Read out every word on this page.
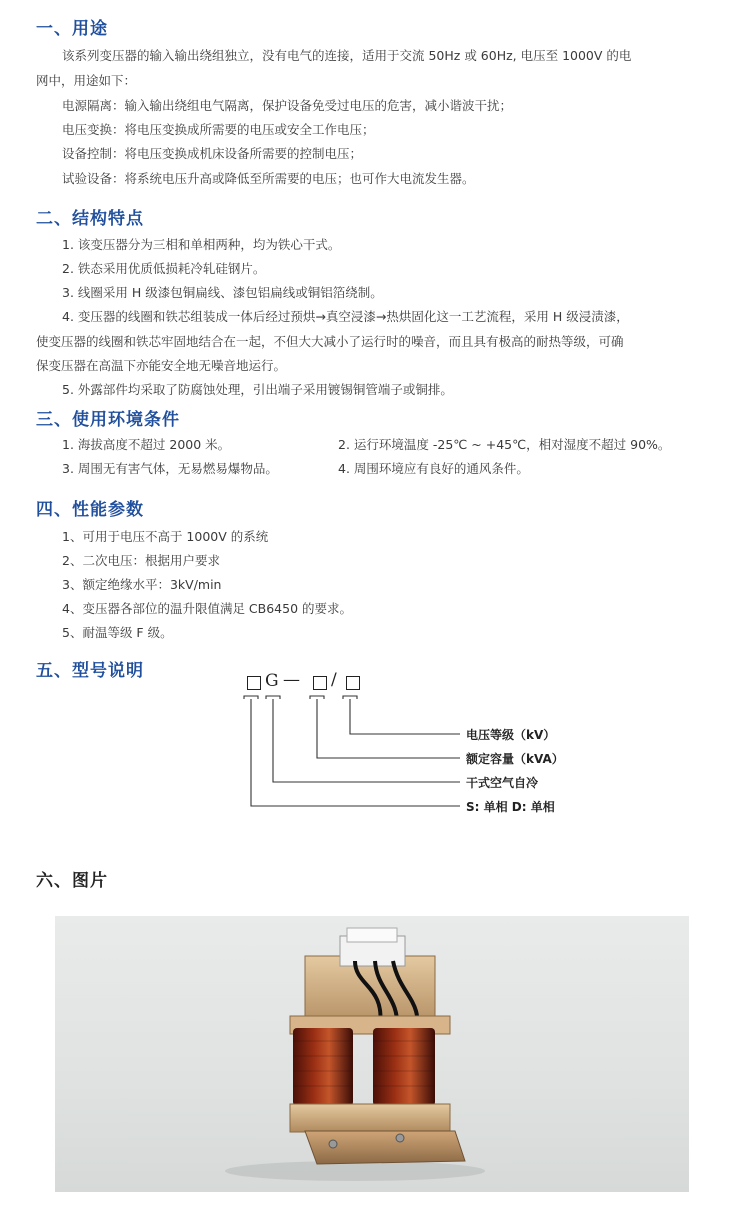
一、用途
该系列变压器的输入输出绕组独立，没有电气的连接，适用于交流 50Hz 或 60Hz, 电压至 1000V 的电
网中，用途如下：
电源隔离：输入输出绕组电气隔离，保护设备免受过电压的危害，减小谐波干扰；
电压变换：将电压变换成所需要的电压或安全工作电压；
设备控制：将电压变换成机床设备所需要的控制电压；
试验设备：将系统电压升高或降低至所需要的电压；也可作大电流发生器。
二、结构特点
1. 该变压器分为三相和单相两种，均为铁心干式。
2. 铁态采用优质低损耗冷轧硅钢片。
3. 线圈采用 H 级漆包铜扁线、漆包铝扁线或铜铝箔绕制。
4. 变压器的线圈和铁芯组装成一体后经过预烘→真空浸漆→热烘固化这一工艺流程，采用 H 级浸渍漆，
使变压器的线圈和铁芯牢固地结合在一起，不但大大减小了运行时的噪音，而且具有极高的耐热等级，可确
保变压器在高温下亦能安全地无噪音地运行。
5. 外露部件均采取了防腐蚀处理，引出端子采用镀锡铜管端子或铜排。
三、使用环境条件
1. 海拔高度不超过 2000 米。	2. 运行环境温度 -25℃ ~ +45℃，相对湿度不超过 90%。
3. 周围无有害气体，无易燃易爆物品。	4. 周围环境应有良好的通风条件。
四、性能参数
1、可用于电压不高于 1000V 的系统
2、二次电压：根据用户要求
3、额定绝缘水平：3kV/min
4、变压器各部位的温升限值满足 CB6450 的要求。
5、耐温等级 F 级。
五、型号说明	G — /
电压等级（kV）
额定容量（kVA）
干式空气自冷
S: 单相 D: 单相
六、图片
